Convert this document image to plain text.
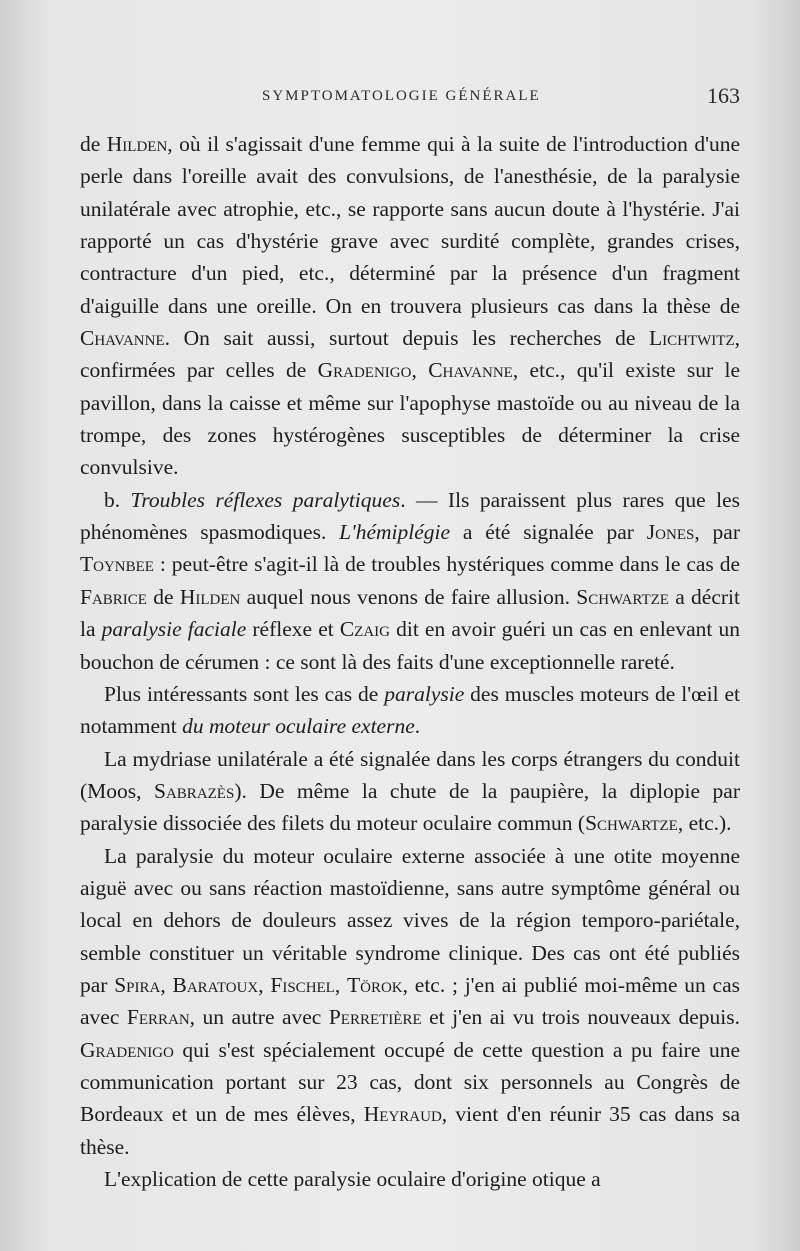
SYMPTOMATOLOGIE GÉNÉRALE	163

de Hilden, où il s'agissait d'une femme qui à la suite de l'introduction d'une perle dans l'oreille avait des convulsions, de l'anesthésie, de la paralysie unilatérale avec atrophie, etc., se rapporte sans aucun doute à l'hystérie. J'ai rapporté un cas d'hystérie grave avec surdité complète, grandes crises, contracture d'un pied, etc., déterminé par la présence d'un fragment d'aiguille dans une oreille. On en trouvera plusieurs cas dans la thèse de Chavanne. On sait aussi, surtout depuis les recherches de Lichtwitz, confirmées par celles de Gradenigo, Chavanne, etc., qu'il existe sur le pavillon, dans la caisse et même sur l'apophyse mastoïde ou au niveau de la trompe, des zones hystérogènes susceptibles de déterminer la crise convulsive.

b. Troubles réflexes paralytiques. — Ils paraissent plus rares que les phénomènes spasmodiques. L'hémiplégie a été signalée par Jones, par Toynbee : peut-être s'agit-il là de troubles hystériques comme dans le cas de Fabrice de Hilden auquel nous venons de faire allusion. Schwartze a décrit la paralysie faciale réflexe et Czaig dit en avoir guéri un cas en enlevant un bouchon de cérumen : ce sont là des faits d'une exceptionnelle rareté.

Plus intéressants sont les cas de paralysie des muscles moteurs de l'œil et notamment du moteur oculaire externe.

La mydriase unilatérale a été signalée dans les corps étrangers du conduit (Moos, Sabrazès). De même la chute de la paupière, la diplopie par paralysie dissociée des filets du moteur oculaire commun (Schwartze, etc.).

La paralysie du moteur oculaire externe associée à une otite moyenne aiguë avec ou sans réaction mastoïdienne, sans autre symptôme général ou local en dehors de douleurs assez vives de la région temporo-pariétale, semble constituer un véritable syndrome clinique. Des cas ont été publiés par Spira, Baratoux, Fischel, Törok, etc. ; j'en ai publié moi-même un cas avec Ferran, un autre avec Perretière et j'en ai vu trois nouveaux depuis. Gradenigo qui s'est spécialement occupé de cette question a pu faire une communication portant sur 23 cas, dont six personnels au Congrès de Bordeaux et un de mes élèves, Heyraud, vient d'en réunir 35 cas dans sa thèse.

L'explication de cette paralysie oculaire d'origine otique a
